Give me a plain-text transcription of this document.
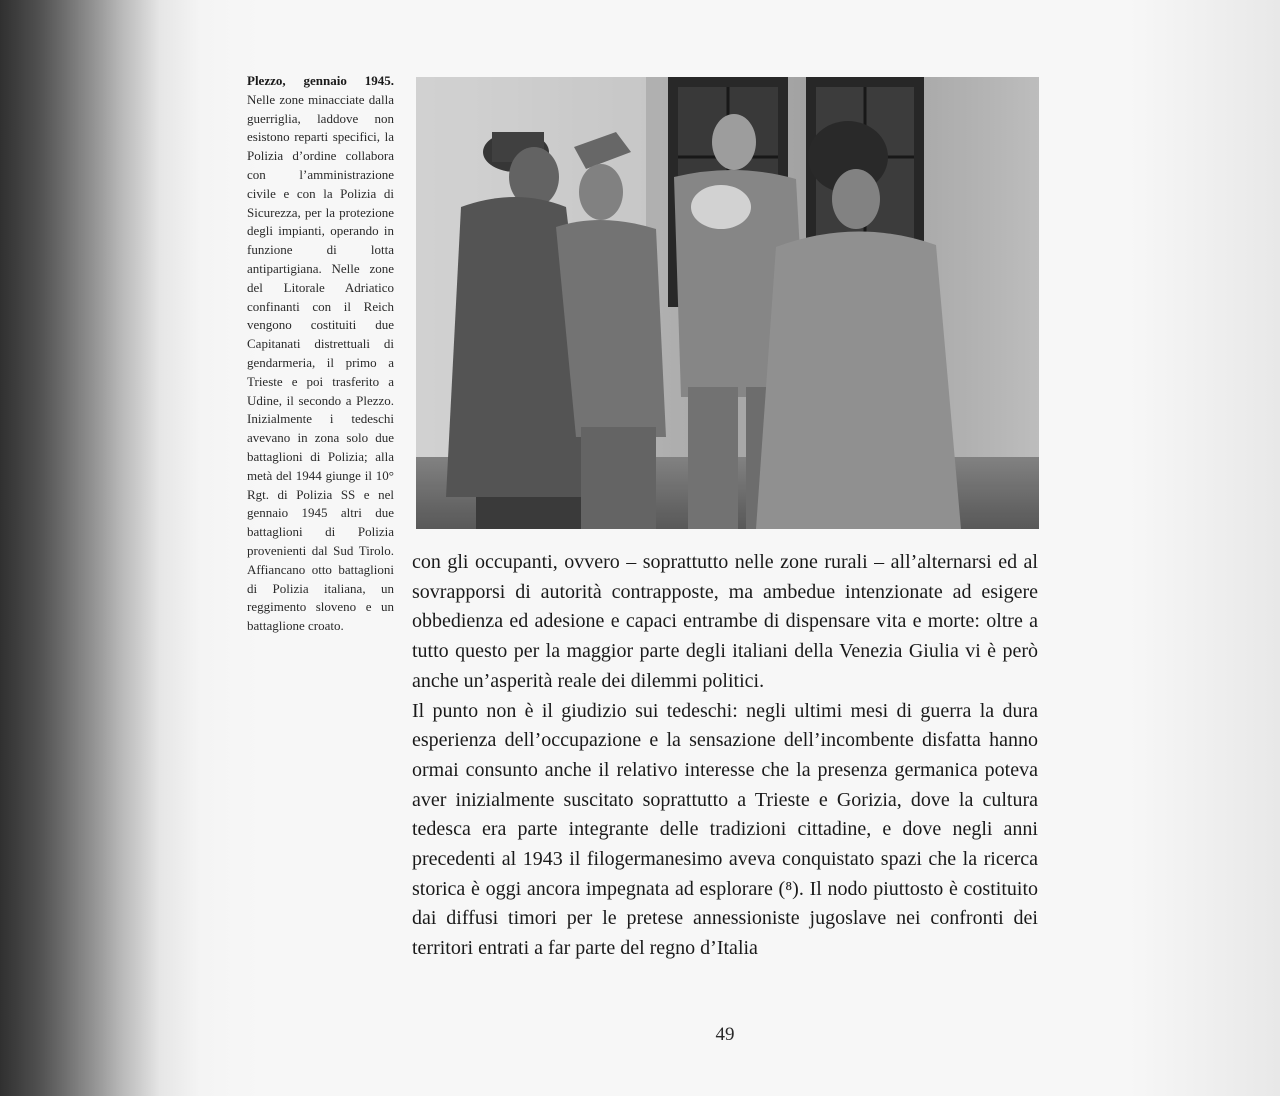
Plezzo, gennaio 1945. Nelle zone minacciate dalla guerriglia, laddove non esistono reparti specifici, la Polizia d’ordine collabora con l’amministrazione civile e con la Polizia di Sicurezza, per la protezione degli impianti, operando in funzione di lotta antipartigiana. Nelle zone del Litorale Adriatico confinanti con il Reich vengono costituiti due Capitanati distrettuali di gendarmeria, il primo a Trieste e poi trasferito a Udine, il secondo a Plezzo. Inizialmente i tedeschi avevano in zona solo due battaglioni di Polizia; alla metà del 1944 giunge il 10° Rgt. di Polizia SS e nel gennaio 1945 altri due battaglioni di Polizia provenienti dal Sud Tirolo. Affiancano otto battaglioni di Polizia italiana, un reggimento sloveno e un battaglione croato.

con gli occupanti, ovvero – soprattutto nelle zone rurali – all’alternarsi ed al sovrapporsi di autorità contrapposte, ma ambedue intenzionate ad esigere obbedienza ed adesione e capaci entrambe di dispensare vita e morte: oltre a tutto questo per la maggior parte degli italiani della Venezia Giulia vi è però anche un’asperità reale dei dilemmi politici.

Il punto non è il giudizio sui tedeschi: negli ultimi mesi di guerra la dura esperienza dell’occupazione e la sensazione dell’incombente disfatta hanno ormai consunto anche il relativo interesse che la presenza germanica poteva aver inizialmente suscitato soprattutto a Trieste e Gorizia, dove la cultura tedesca era parte integrante delle tradizioni cittadine, e dove negli anni precedenti al 1943 il filogermanesimo aveva conquistato spazi che la ricerca storica è oggi ancora impegnata ad esplorare (⁸). Il nodo piuttosto è costituito dai diffusi timori per le pretese annessioniste jugoslave nei confronti dei territori entrati a far parte del regno d’Italia

49
